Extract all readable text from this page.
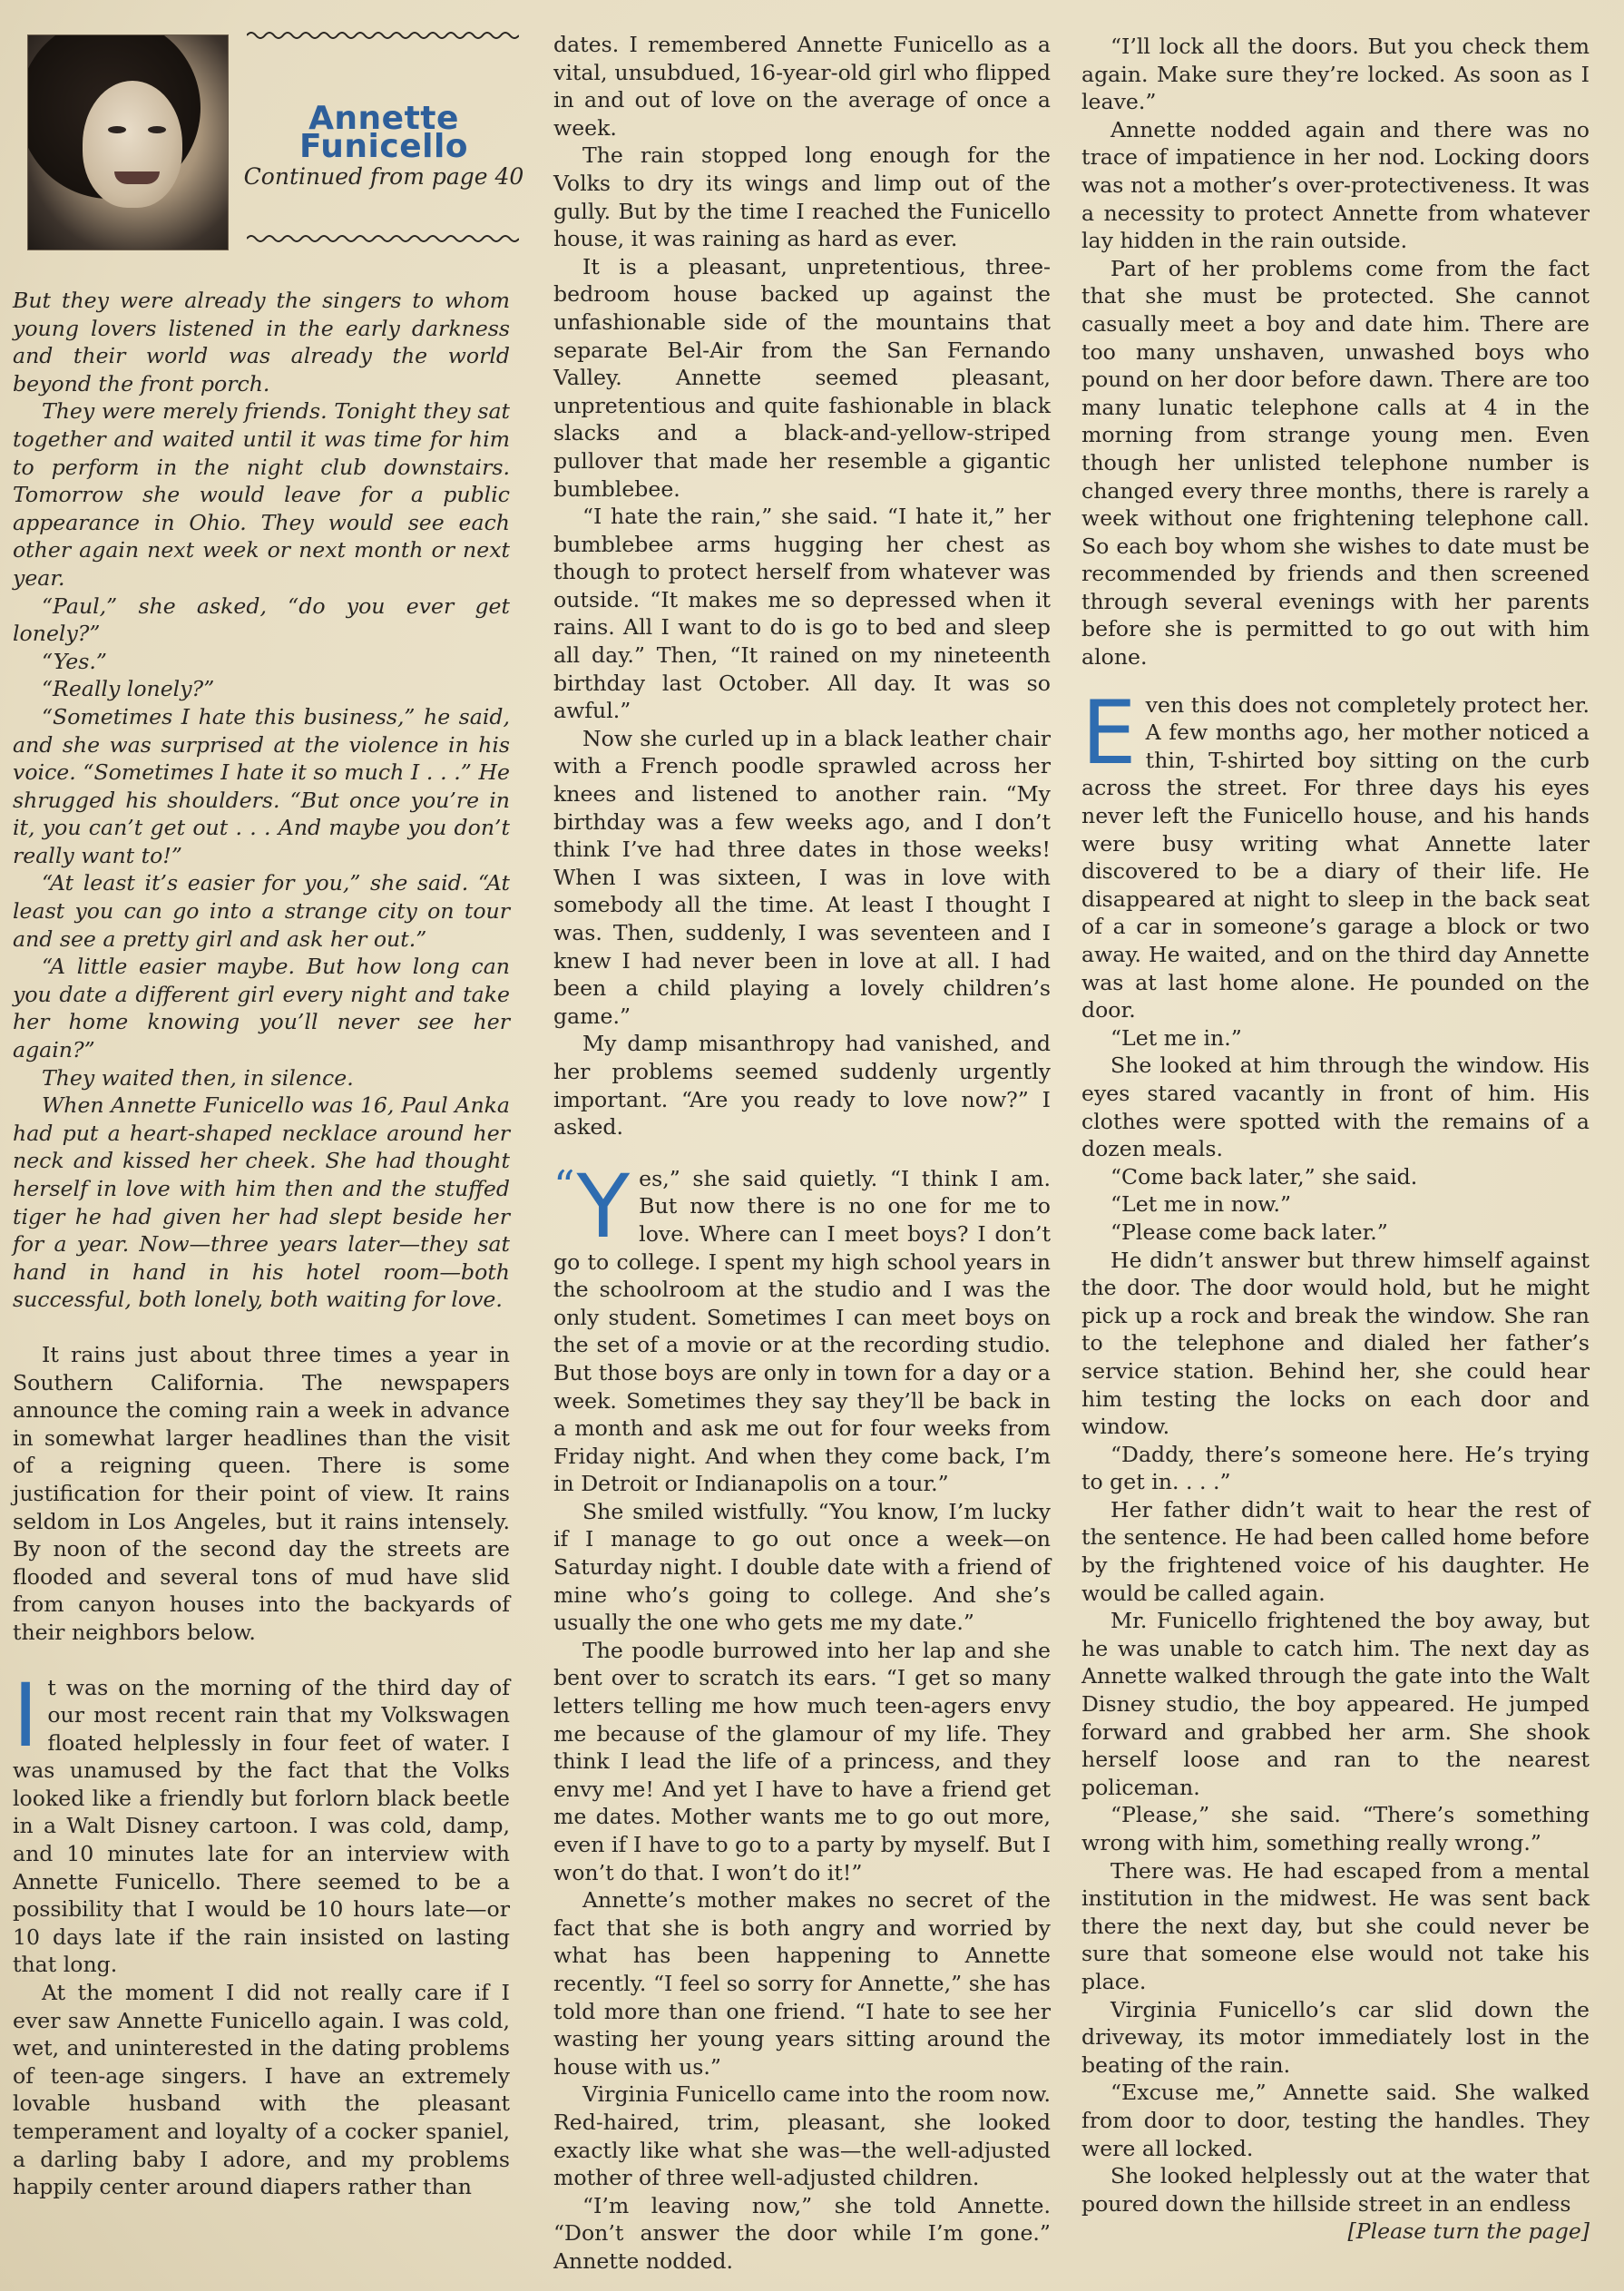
Annette Funicello
Continued from page 40

But they were already the singers to whom young lovers listened in the early darkness and their world was already the world beyond the front porch.

They were merely friends. Tonight they sat together and waited until it was time for him to perform in the night club downstairs. Tomorrow she would leave for a public appearance in Ohio. They would see each other again next week or next month or next year.

“Paul,” she asked, “do you ever get lonely?”

“Yes.”

“Really lonely?”

“Sometimes I hate this business,” he said, and she was surprised at the violence in his voice. “Sometimes I hate it so much I . . .” He shrugged his shoulders. “But once you’re in it, you can’t get out . . . And maybe you don’t really want to!”

“At least it’s easier for you,” she said. “At least you can go into a strange city on tour and see a pretty girl and ask her out.”

“A little easier maybe. But how long can you date a different girl every night and take her home knowing you’ll never see her again?”

They waited then, in silence.

When Annette Funicello was 16, Paul Anka had put a heart-shaped necklace around her neck and kissed her cheek. She had thought herself in love with him then and the stuffed tiger he had given her had slept beside her for a year. Now—three years later—they sat hand in hand in his hotel room—both successful, both lonely, both waiting for love.

It rains just about three times a year in Southern California. The newspapers announce the coming rain a week in advance in somewhat larger headlines than the visit of a reigning queen. There is some justification for their point of view. It rains seldom in Los Angeles, but it rains intensely. By noon of the second day the streets are flooded and several tons of mud have slid from canyon houses into the backyards of their neighbors below.

It was on the morning of the third day of our most recent rain that my Volkswagen floated helplessly in four feet of water. I was unamused by the fact that the Volks looked like a friendly but forlorn black beetle in a Walt Disney cartoon. I was cold, damp, and 10 minutes late for an interview with Annette Funicello. There seemed to be a possibility that I would be 10 hours late—or 10 days late if the rain insisted on lasting that long.

At the moment I did not really care if I ever saw Annette Funicello again. I was cold, wet, and uninterested in the dating problems of teen-age singers. I have an extremely lovable husband with the pleasant temperament and loyalty of a cocker spaniel, a darling baby I adore, and my problems happily center around diapers rather than

dates. I remembered Annette Funicello as a vital, unsubdued, 16-year-old girl who flipped in and out of love on the average of once a week.

The rain stopped long enough for the Volks to dry its wings and limp out of the gully. But by the time I reached the Funicello house, it was raining as hard as ever.

It is a pleasant, unpretentious, three-bedroom house backed up against the unfashionable side of the mountains that separate Bel-Air from the San Fernando Valley. Annette seemed pleasant, unpretentious and quite fashionable in black slacks and a black-and-yellow-striped pullover that made her resemble a gigantic bumblebee.

“I hate the rain,” she said. “I hate it,” her bumblebee arms hugging her chest as though to protect herself from whatever was outside. “It makes me so depressed when it rains. All I want to do is go to bed and sleep all day.” Then, “It rained on my nineteenth birthday last October. All day. It was so awful.”

Now she curled up in a black leather chair with a French poodle sprawled across her knees and listened to another rain. “My birthday was a few weeks ago, and I don’t think I’ve had three dates in those weeks! When I was sixteen, I was in love with somebody all the time. At least I thought I was. Then, suddenly, I was seventeen and I knew I had never been in love at all. I had been a child playing a lovely children’s game.”

My damp misanthropy had vanished, and her problems seemed suddenly urgently important. “Are you ready to love now?” I asked.

“ Y es,” she said quietly. “I think I am. But now there is no one for me to love. Where can I meet boys? I don’t go to college. I spent my high school years in the schoolroom at the studio and I was the only student. Sometimes I can meet boys on the set of a movie or at the recording studio. But those boys are only in town for a day or a week. Sometimes they say they’ll be back in a month and ask me out for four weeks from Friday night. And when they come back, I’m in Detroit or Indianapolis on a tour.”

She smiled wistfully. “You know, I’m lucky if I manage to go out once a week—on Saturday night. I double date with a friend of mine who’s going to college. And she’s usually the one who gets me my date.”

The poodle burrowed into her lap and she bent over to scratch its ears. “I get so many letters telling me how much teen-agers envy me because of the glamour of my life. They think I lead the life of a princess, and they envy me! And yet I have to have a friend get me dates. Mother wants me to go out more, even if I have to go to a party by myself. But I won’t do that. I won’t do it!”

Annette’s mother makes no secret of the fact that she is both angry and worried by what has been happening to Annette recently. “I feel so sorry for Annette,” she has told more than one friend. “I hate to see her wasting her young years sitting around the house with us.”

Virginia Funicello came into the room now. Red-haired, trim, pleasant, she looked exactly like what she was—the well-adjusted mother of three well-adjusted children.

“I’m leaving now,” she told Annette. “Don’t answer the door while I’m gone.” Annette nodded.

“I’ll lock all the doors. But you check them again. Make sure they’re locked. As soon as I leave.”

Annette nodded again and there was no trace of impatience in her nod. Locking doors was not a mother’s over-protectiveness. It was a necessity to protect Annette from whatever lay hidden in the rain outside.

Part of her problems come from the fact that she must be protected. She cannot casually meet a boy and date him. There are too many unshaven, unwashed boys who pound on her door before dawn. There are too many lunatic telephone calls at 4 in the morning from strange young men. Even though her unlisted telephone number is changed every three months, there is rarely a week without one frightening telephone call. So each boy whom she wishes to date must be recommended by friends and then screened through several evenings with her parents before she is permitted to go out with him alone.

Even this does not completely protect her. A few months ago, her mother noticed a thin, T-shirted boy sitting on the curb across the street. For three days his eyes never left the Funicello house, and his hands were busy writing what Annette later discovered to be a diary of their life. He disappeared at night to sleep in the back seat of a car in someone’s garage a block or two away. He waited, and on the third day Annette was at last home alone. He pounded on the door.

“Let me in.”

She looked at him through the window. His eyes stared vacantly in front of him. His clothes were spotted with the remains of a dozen meals.

“Come back later,” she said.

“Let me in now.”

“Please come back later.”

He didn’t answer but threw himself against the door. The door would hold, but he might pick up a rock and break the window. She ran to the telephone and dialed her father’s service station. Behind her, she could hear him testing the locks on each door and window.

“Daddy, there’s someone here. He’s trying to get in. . . .”

Her father didn’t wait to hear the rest of the sentence. He had been called home before by the frightened voice of his daughter. He would be called again.

Mr. Funicello frightened the boy away, but he was unable to catch him. The next day as Annette walked through the gate into the Walt Disney studio, the boy appeared. He jumped forward and grabbed her arm. She shook herself loose and ran to the nearest policeman.

“Please,” she said. “There’s something wrong with him, something really wrong.”

There was. He had escaped from a mental institution in the midwest. He was sent back there the next day, but she could never be sure that someone else would not take his place.

Virginia Funicello’s car slid down the driveway, its motor immediately lost in the beating of the rain.

“Excuse me,” Annette said. She walked from door to door, testing the handles. They were all locked.

She looked helplessly out at the water that poured down the hillside street in an endless

[Please turn the page]
